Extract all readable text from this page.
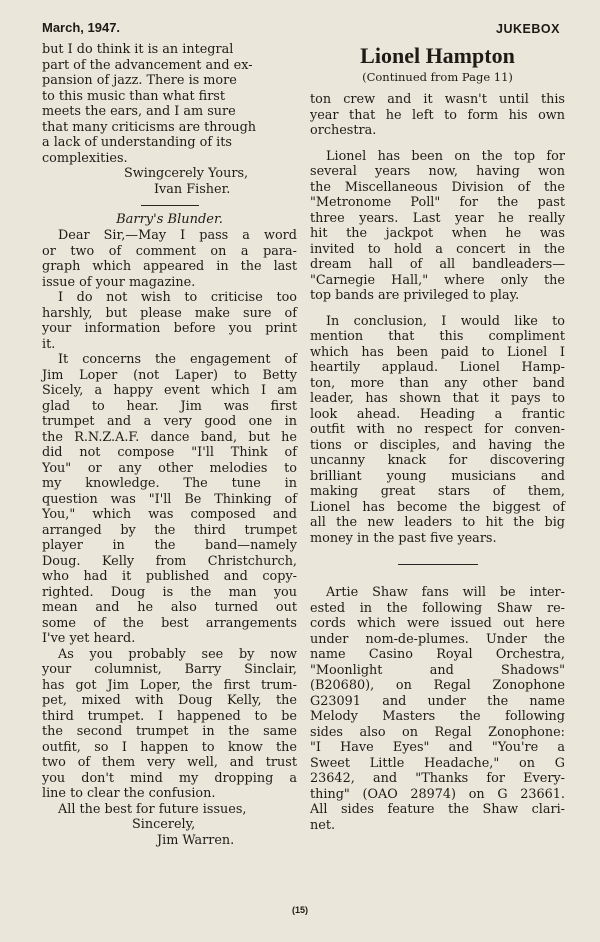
March, 1947.	JUKEBOX
but I do think it is an integral
part of the advancement and ex-
pansion of jazz. There is more
to this music than what first
meets the ears, and I am sure
that many criticisms are through
a lack of understanding of its
complexities.
Swingcerely Yours,
Ivan Fisher.
Barry's Blunder.
Dear Sir,—May I pass a word
or two of comment on a para-
graph which appeared in the last
issue of your magazine.
I do not wish to criticise too
harshly, but please make sure of
your information before you print
it.
It concerns the engagement of
Jim Loper (not Laper) to Betty
Sicely, a happy event which I am
glad to hear. Jim was first
trumpet and a very good one in
the R.N.Z.A.F. dance band, but he
did not compose "I'll Think of
You" or any other melodies to
my knowledge. The tune in
question was "I'll Be Thinking of
You," which was composed and
arranged by the third trumpet
player in the band—namely
Doug. Kelly from Christchurch,
who had it published and copy-
righted. Doug is the man you
mean and he also turned out
some of the best arrangements
I've yet heard.
As you probably see by now
your columnist, Barry Sinclair,
has got Jim Loper, the first trum-
pet, mixed with Doug Kelly, the
third trumpet. I happened to be
the second trumpet in the same
outfit, so I happen to know the
two of them very well, and trust
you don't mind my dropping a
line to clear the confusion.
All the best for future issues,
Sincerely,
Jim Warren.
Lionel Hampton
(Continued from Page 11)
ton crew and it wasn't until this
year that he left to form his own
orchestra.
Lionel has been on the top for
several years now, having won
the Miscellaneous Division of the
"Metronome Poll" for the past
three years. Last year he really
hit the jackpot when he was
invited to hold a concert in the
dream hall of all bandleaders—
"Carnegie Hall," where only the
top bands are privileged to play.
In conclusion, I would like to
mention that this compliment
which has been paid to Lionel I
heartily applaud. Lionel Hamp-
ton, more than any other band
leader, has shown that it pays to
look ahead. Heading a frantic
outfit with no respect for conven-
tions or disciples, and having the
uncanny knack for discovering
brilliant young musicians and
making great stars of them,
Lionel has become the biggest of
all the new leaders to hit the big
money in the past five years.
Artie Shaw fans will be inter-
ested in the following Shaw re-
cords which were issued out here
under nom-de-plumes. Under the
name Casino Royal Orchestra,
"Moonlight and Shadows"
(B20680), on Regal Zonophone
G23091 and under the name
Melody Masters the following
sides also on Regal Zonophone:
"I Have Eyes" and "You're a
Sweet Little Headache," on G
23642, and "Thanks for Every-
thing" (OAO 28974) on G 23661.
All sides feature the Shaw clari-
net.
(15)
